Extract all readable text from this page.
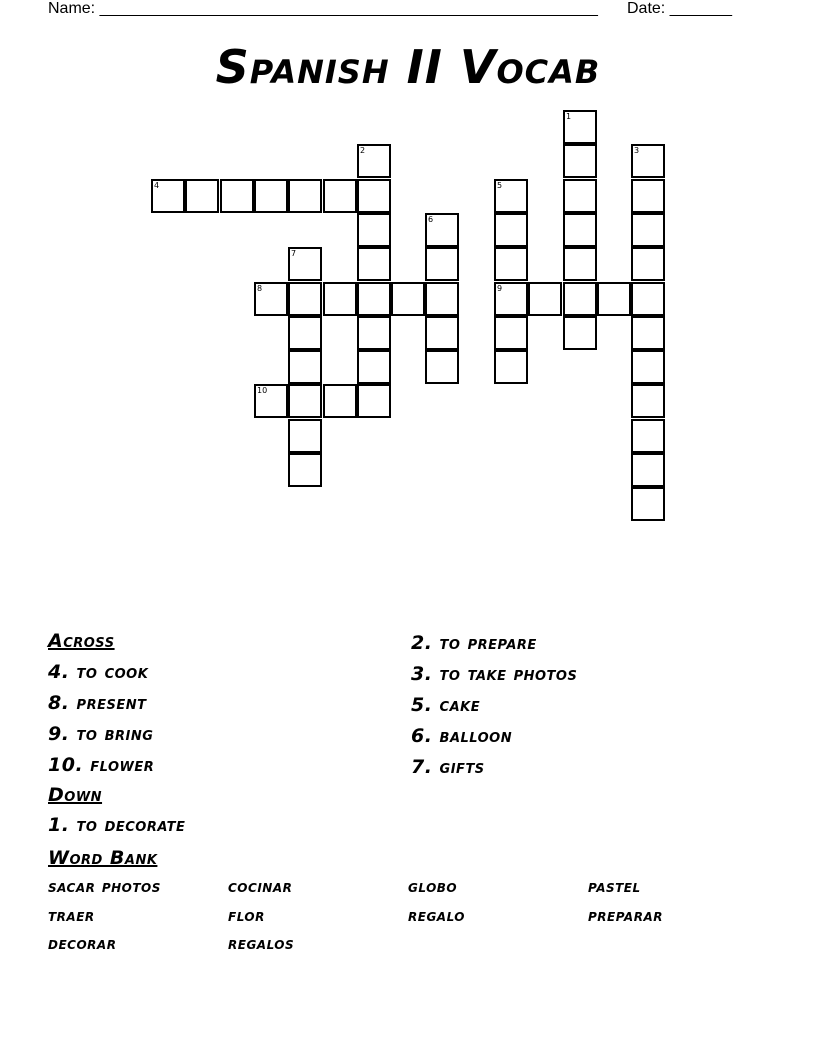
Name: ________________________________________________________ Date: _______
Spanish II Vocab
1
2	3
4	5
9
6
7
8
10
Across
4. to cook
8. present
9. to bring
10. flower
Down
1. to decorate
2. to prepare
3. to take photos
5. cake
6. balloon
7. gifts
Word Bank
sacar photos	cocinar	globo	pastel
traer	flor	regalo	preparar
decorar	regalos
